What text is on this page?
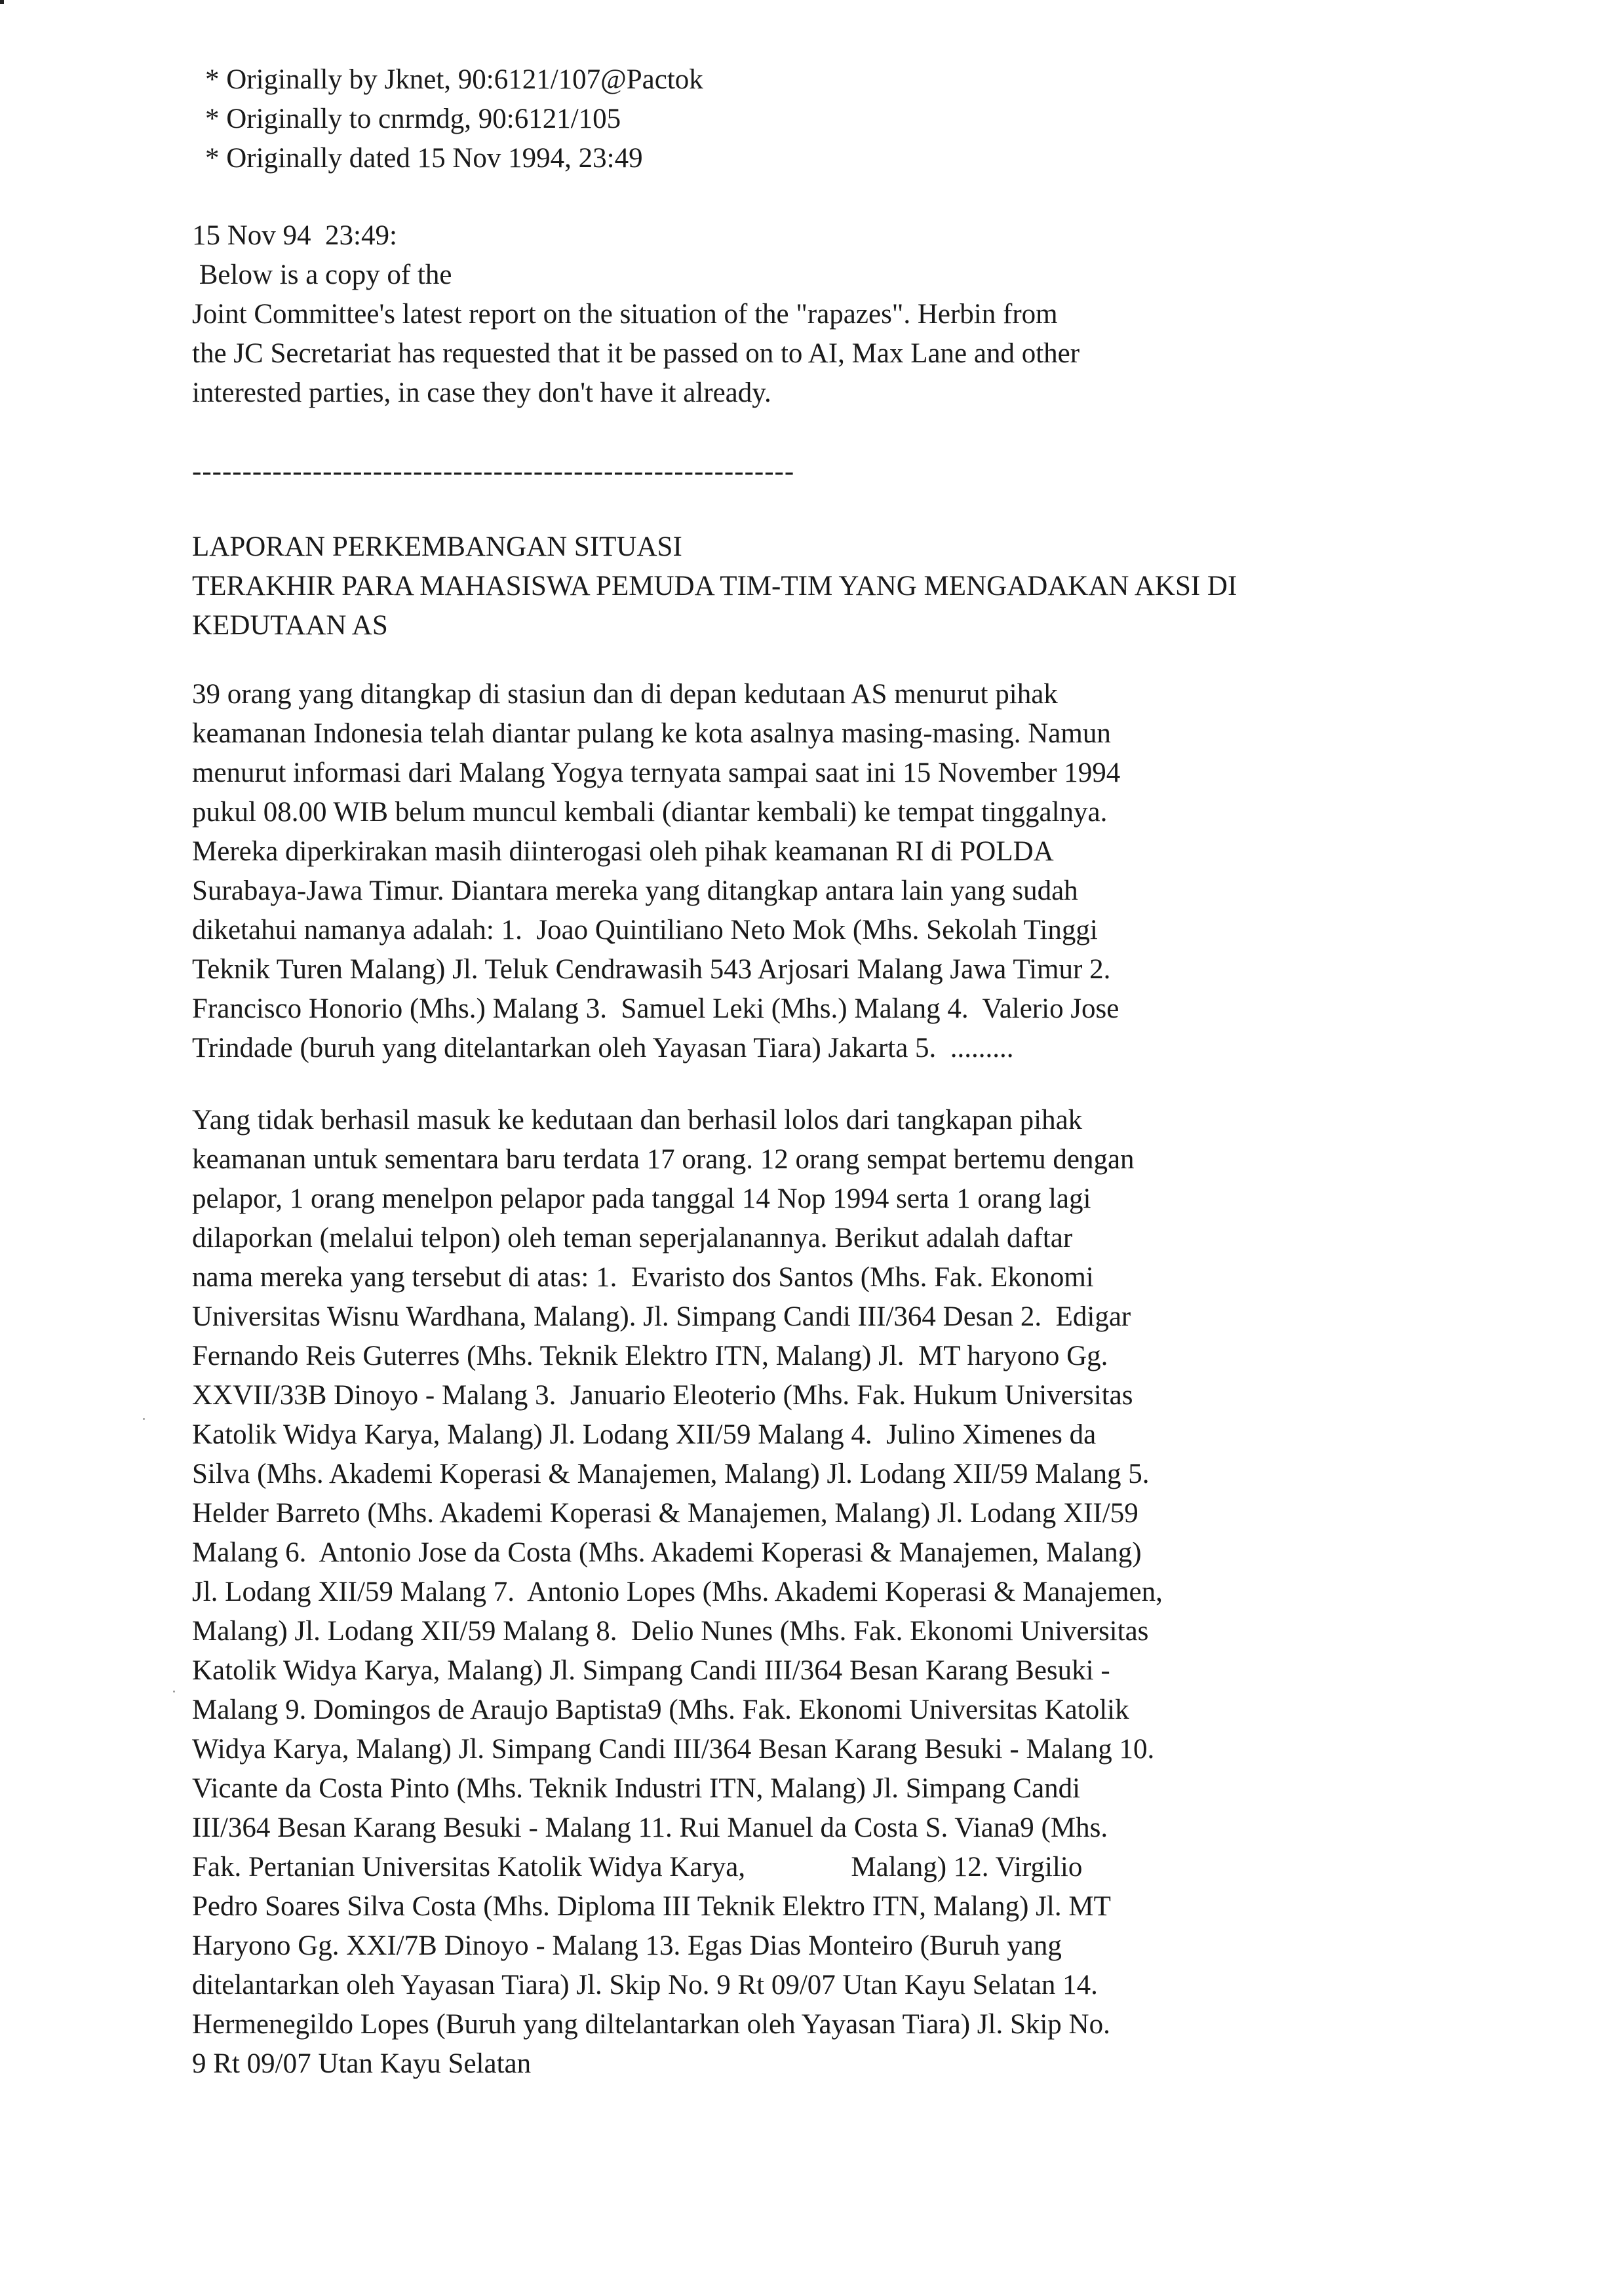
* Originally by Jknet, 90:6121/107@Pactok
* Originally to cnrmdg, 90:6121/105
* Originally dated 15 Nov 1994, 23:49
15 Nov 94  23:49:
Below is a copy of the
Joint Committee's latest report on the situation of the "rapazes". Herbin from
the JC Secretariat has requested that it be passed on to AI, Max Lane and other
interested parties, in case they don't have it already.
------------------------------------------------------------
LAPORAN PERKEMBANGAN SITUASI
TERAKHIR PARA MAHASISWA PEMUDA TIM-TIM YANG MENGADAKAN AKSI DI
KEDUTAAN AS
39 orang yang ditangkap di stasiun dan di depan kedutaan AS menurut pihak
keamanan Indonesia telah diantar pulang ke kota asalnya masing-masing. Namun
menurut informasi dari Malang Yogya ternyata sampai saat ini 15 November 1994
pukul 08.00 WIB belum muncul kembali (diantar kembali) ke tempat tinggalnya.
Mereka diperkirakan masih diinterogasi oleh pihak keamanan RI di POLDA
Surabaya-Jawa Timur. Diantara mereka yang ditangkap antara lain yang sudah
diketahui namanya adalah: 1.  Joao Quintiliano Neto Mok (Mhs. Sekolah Tinggi
Teknik Turen Malang) Jl. Teluk Cendrawasih 543 Arjosari Malang Jawa Timur 2.
Francisco Honorio (Mhs.) Malang 3.  Samuel Leki (Mhs.) Malang 4.  Valerio Jose
Trindade (buruh yang ditelantarkan oleh Yayasan Tiara) Jakarta 5.  .........
Yang tidak berhasil masuk ke kedutaan dan berhasil lolos dari tangkapan pihak
keamanan untuk sementara baru terdata 17 orang. 12 orang sempat bertemu dengan
pelapor, 1 orang menelpon pelapor pada tanggal 14 Nop 1994 serta 1 orang lagi
dilaporkan (melalui telpon) oleh teman seperjalanannya. Berikut adalah daftar
nama mereka yang tersebut di atas: 1.  Evaristo dos Santos (Mhs. Fak. Ekonomi
Universitas Wisnu Wardhana, Malang). Jl. Simpang Candi III/364 Desan 2.  Edigar
Fernando Reis Guterres (Mhs. Teknik Elektro ITN, Malang) Jl.  MT haryono Gg.
XXVII/33B Dinoyo - Malang 3.  Januario Eleoterio (Mhs. Fak. Hukum Universitas
Katolik Widya Karya, Malang) Jl. Lodang XII/59 Malang 4.  Julino Ximenes da
Silva (Mhs. Akademi Koperasi & Manajemen, Malang) Jl. Lodang XII/59 Malang 5.
Helder Barreto (Mhs. Akademi Koperasi & Manajemen, Malang) Jl. Lodang XII/59
Malang 6.  Antonio Jose da Costa (Mhs. Akademi Koperasi & Manajemen, Malang)
Jl. Lodang XII/59 Malang 7.  Antonio Lopes (Mhs. Akademi Koperasi & Manajemen,
Malang) Jl. Lodang XII/59 Malang 8.  Delio Nunes (Mhs. Fak. Ekonomi Universitas
Katolik Widya Karya, Malang) Jl. Simpang Candi III/364 Besan Karang Besuki -
Malang 9. Domingos de Araujo Baptista9 (Mhs. Fak. Ekonomi Universitas Katolik
Widya Karya, Malang) Jl. Simpang Candi III/364 Besan Karang Besuki - Malang 10.
Vicante da Costa Pinto (Mhs. Teknik Industri ITN, Malang) Jl. Simpang Candi
III/364 Besan Karang Besuki - Malang 11. Rui Manuel da Costa S. Viana9 (Mhs.
Fak. Pertanian Universitas Katolik Widya Karya,               Malang) 12. Virgilio
Pedro Soares Silva Costa (Mhs. Diploma III Teknik Elektro ITN, Malang) Jl. MT
Haryono Gg. XXI/7B Dinoyo - Malang 13. Egas Dias Monteiro (Buruh yang
ditelantarkan oleh Yayasan Tiara) Jl. Skip No. 9 Rt 09/07 Utan Kayu Selatan 14.
Hermenegildo Lopes (Buruh yang diltelantarkan oleh Yayasan Tiara) Jl. Skip No.
9 Rt 09/07 Utan Kayu Selatan
